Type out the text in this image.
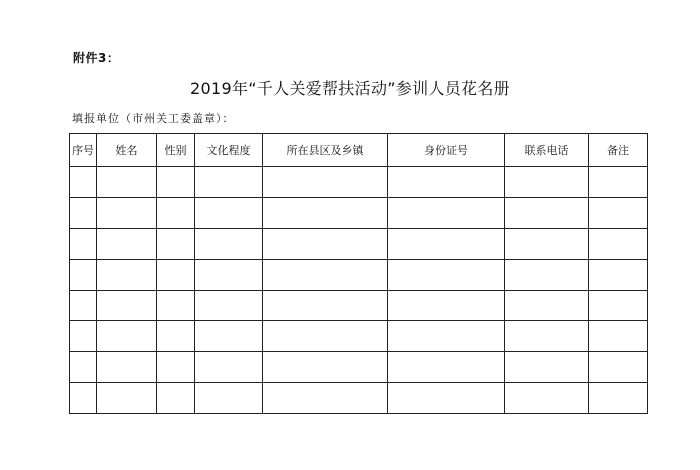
附件3：
2019年“千人关爱帮扶活动”参训人员花名册
填报单位（市州关工委盖章）：
序号	姓名	性别	文化程度	所在县区及乡镇	身份证号	联系电话	备注
